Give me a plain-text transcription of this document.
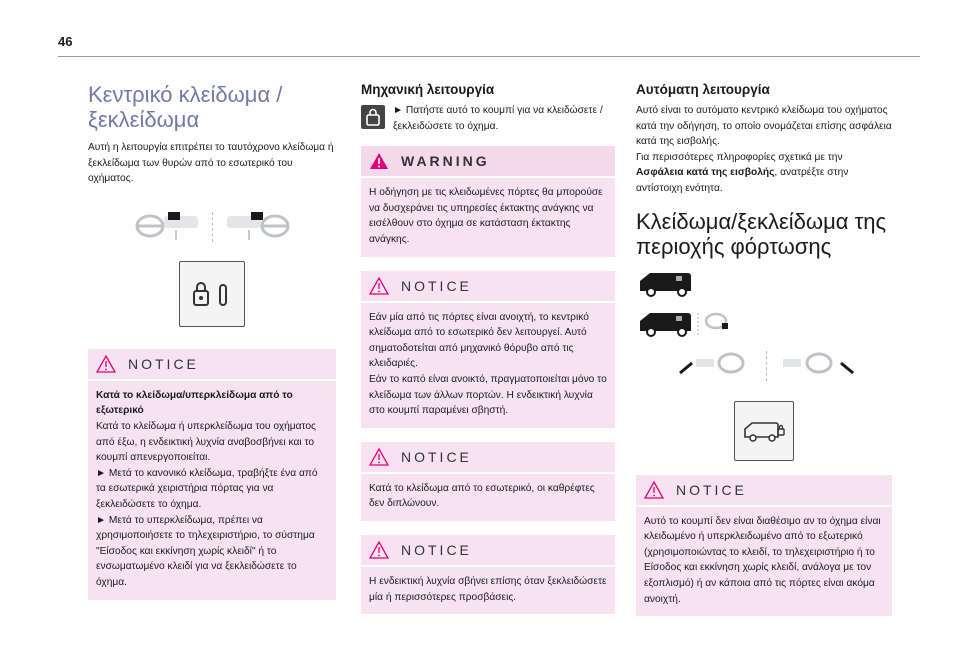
46
Κεντρικό κλείδωμα /
ξεκλείδωμα

Αυτή η λειτουργία επιτρέπει το ταυτόχρονο κλείδωμα ή ξεκλείδωμα των θυρών από το εσωτερικό του οχήματος.

NOTICE
Κατά το κλείδωμα/υπερκλείδωμα από το εξωτερικό
Κατά το κλείδωμα ή υπερκλείδωμα του οχήματος από έξω, η ενδεικτική λυχνία αναβοσβήνει και το κουμπί απενεργοποιείται.
► Μετά το κανονικό κλείδωμα, τραβήξτε ένα από τα εσωτερικά χειριστήρια πόρτας για να ξεκλειδώσετε το όχημα.
► Μετά το υπερκλείδωμα, πρέπει να χρησιμοποιήσετε το τηλεχειριστήριο, το σύστημα "Είσοδος και εκκίνηση χωρίς κλειδί" ή το ενσωματωμένο κλειδί για να ξεκλειδώσετε το όχημα.
Μηχανική λειτουργία

► Πατήστε αυτό το κουμπί για να κλειδώσετε / ξεκλειδώσετε το όχημα.

WARNING
Η οδήγηση με τις κλειδωμένες πόρτες θα μπορούσε να δυσχεράνει τις υπηρεσίες έκτακτης ανάγκης να εισέλθουν στο όχημα σε κατάσταση έκτακτης ανάγκης.
NOTICE
Εάν μία από τις πόρτες είναι ανοιχτή, το κεντρικό κλείδωμα από το εσωτερικό δεν λειτουργεί. Αυτό σηματοδοτείται από μηχανικό θόρυβο από τις κλειδαριές.
Εάν το καπό είναι ανοικτό, πραγματοποιείται μόνο το κλείδωμα των άλλων πορτών. Η ενδεικτική λυχνία στο κουμπί παραμένει σβηστή.
NOTICE
Κατά το κλείδωμα από το εσωτερικό, οι καθρέφτες δεν διπλώνουν.
NOTICE
Η ενδεικτική λυχνία σβήνει επίσης όταν ξεκλειδώσετε μία ή περισσότερες προσβάσεις.
Αυτόματη λειτουργία

Αυτό είναι το αυτόματο κεντρικό κλείδωμα του οχήματος κατά την οδήγηση, το οποίο ονομάζεται επίσης ασφάλεια κατά της εισβολής.

Για περισσότερες πληροφορίες σχετικά με την Ασφάλεια κατά της εισβολής, ανατρέξτε στην αντίστοιχη ενότητα.

Κλείδωμα/ξεκλείδωμα της
περιοχής φόρτωσης
NOTICE
Αυτό το κουμπί δεν είναι διαθέσιμο αν το όχημα είναι κλειδωμένο ή υπερκλειδωμένο από το εξωτερικό (χρησιμοποιώντας το κλειδί, το τηλεχειριστήριο ή το Είσοδος και εκκίνηση χωρίς κλειδί, ανάλογα με τον εξοπλισμό) ή αν κάποια από τις πόρτες είναι ακόμα ανοιχτή.
